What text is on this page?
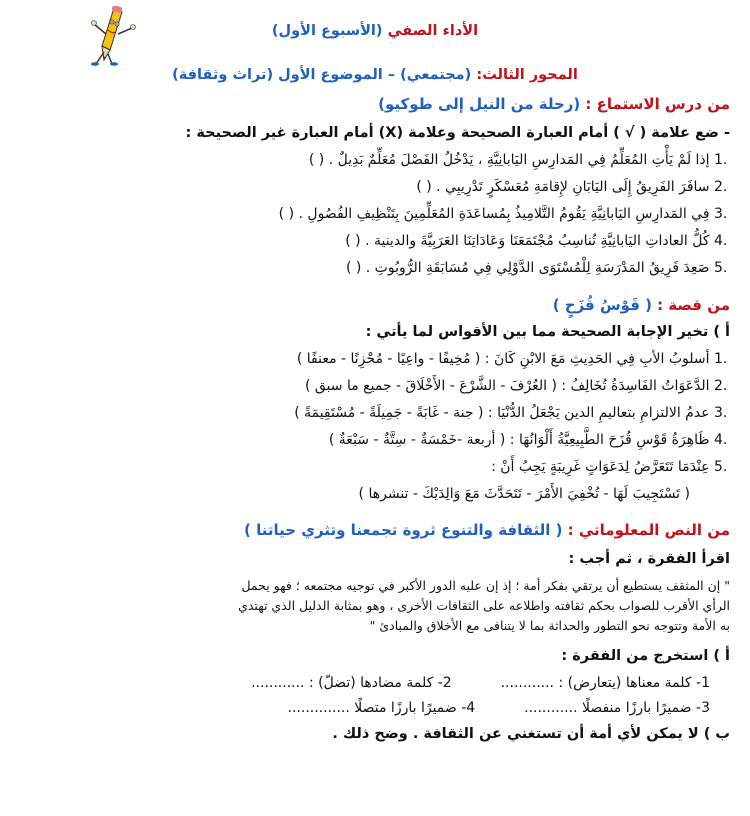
الأداء الصفي (الأسبوع الأول)
المحور الثالث: (مجتمعي) – الموضوع الأول (تراث وثقافة)
من درس الاستماع : (رحلة من النيل إلى طوكيو)
- ضع علامة ( √ ) أمام العبارة الصحيحة وعلامة (X) أمام العبارة غير الصحيحة :
1. إذا لَمْ يَأْتِ المُعَلِّمُ فِي المَدارِسِ اليَابانِيَّةِ ، يَدْخُلُ الفَصْلَ مُعَلِّمٌ بَدِيلٌ . ( )
2. سافَرَ الفَرِيقُ إِلَى اليَابَانِ لإِقامَةِ مُعَسْكَرٍ تَدْرِيبِي . ( )
3. فِي المَدارِسِ اليَابانِيَّةِ يَقُومُ التَّلامِيذُ بِمُساعَدَةِ المُعَلِّمِينَ بِتَنْظِيفِ الفُصُولِ . ( )
4. كُلُّ العاداتِ اليَابانِيَّةِ تُناسِبُ مُجْتَمَعَنَا وَعَادَاتِنَا العَرَبِيَّةَ والدينية . ( )
5. صَعِدَ فَرِيقُ المَدْرَسَةِ لِلْمُسْتَوَى الدَّوْلِي فِي مُسَابَقَةِ الرُّوبُوتِ . ( )
من قصة : ( قَوْسُ قُزَحٍ )
أ ) تخير الإجابة الصحيحة مما بين الأقواس لما يأتي :
1. أسلوبُ الأبِ فِي الحَدِيثِ مَعَ الابْنِ كَانَ : ( مُخِيفًا - واعِيًا - مُحْزِنًا - معنفًا )
2. الدَّعَوَاتُ الفَاسِدَةُ تُخَالِفُ : ( العُرْفَ - الشَّرْعَ - الأَخْلَاقَ - جميع ما سبق )
3. عدمُ الالتزامِ بتعاليمِ الدين يَجْعَلُ الدُّنْيَا : ( جنة - غَابَةً - جَمِيلَةً - مُسْتَقِيمَةً )
4. ظَاهِرَةُ قَوْسِ قُزَحَ الطَّبِيعِيَّةُ أَلْوَانُهَا : ( أربعة -خَمْسَةٌ - سِتَّةٌ - سَبْعَةٌ )
5. عِنْدَمَا تَتَعَرَّضُ لِدَعَوَاتٍ غَرِيبَةٍ يَجِبُ أَنْ :
( تَسْتَجِيبَ لَهَا - تُخْفِيَ الأَمْرَ - تَتَحَدَّثَ مَعَ وَالِدَيْكَ - تنشرها )
من النص المعلوماتي : ( الثقافة والتنوع ثروة تجمعنا وتثري حياتنا )
اقرأ الفقرة ، ثم أجب :
" إن المثقف يستطيع أن يرتقي بفكر أمة ؛ إذ إن عليه الدور الأكبر في توجيه مجتمعه ؛ فهو يحمل
الرأي الأقرب للصواب بحكم ثقافته واطلاعه على الثقافات الأخرى ، وهو بمثابة الدليل الذي تهتدي
به الأمة وتتوجه نحو التطور والحداثة بما لا يتنافى مع الأخلاق والمبادئ "
أ ) استخرج من الفقرة :
1- كلمة معناها (يتعارض) : ............  2- كلمة مضادها (تضلّ) : ............
3- ضميرًا بارزًا منفصلًا ............  4- ضميرًا بارزًا متصلًا ..............
ب ) لا يمكن لأي أمة أن تستغني عن الثقافة . وضح ذلك .
